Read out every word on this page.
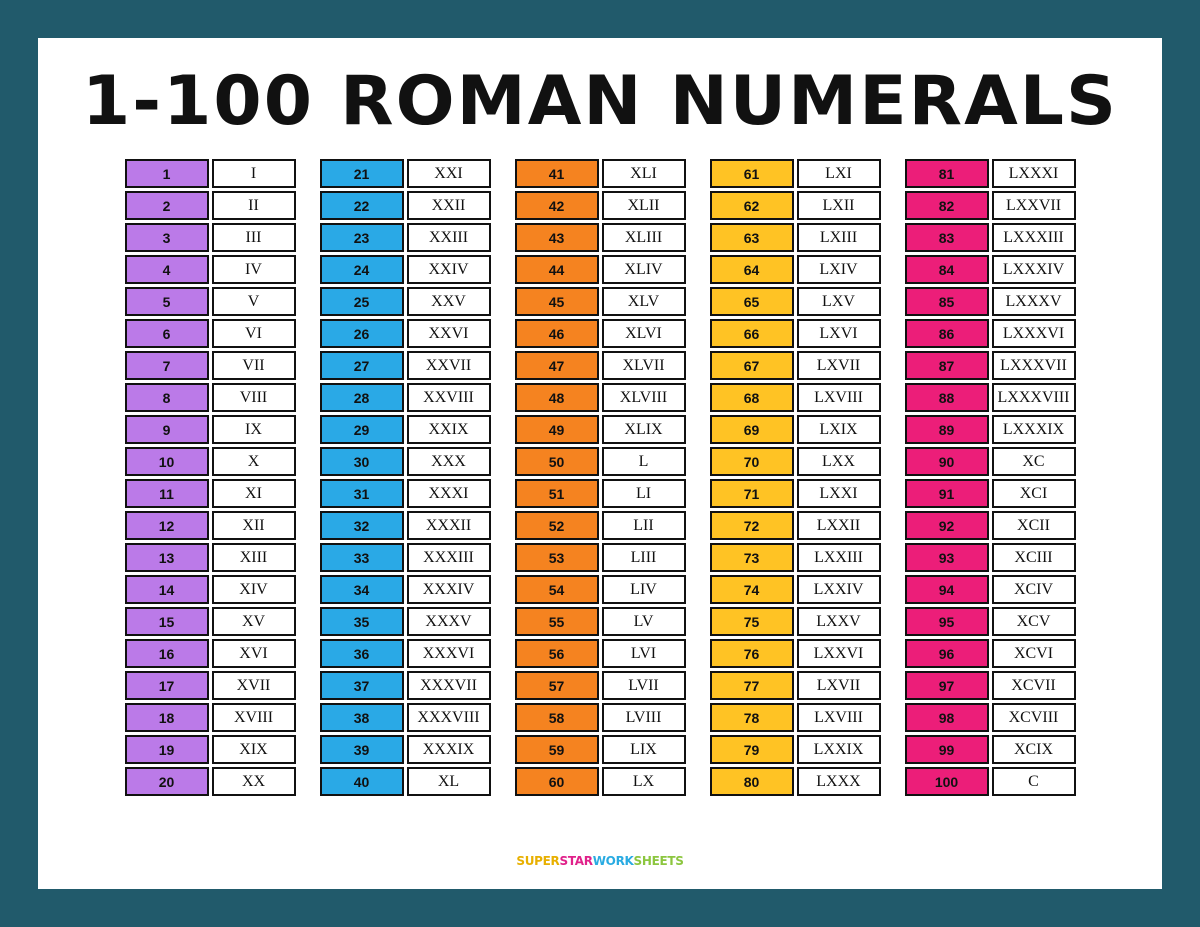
1-100 ROMAN NUMERALS
1	I
2	II
3	III
4	IV
5	V
6	VI
7	VII
8	VIII
9	IX
10	X
11	XI
12	XII
13	XIII
14	XIV
15	XV
16	XVI
17	XVII
18	XVIII
19	XIX
20	XX
21	XXI
22	XXII
23	XXIII
24	XXIV
25	XXV
26	XXVI
27	XXVII
28	XXVIII
29	XXIX
30	XXX
31	XXXI
32	XXXII
33	XXXIII
34	XXXIV
35	XXXV
36	XXXVI
37	XXXVII
38	XXXVIII
39	XXXIX
40	XL
41	XLI
42	XLII
43	XLIII
44	XLIV
45	XLV
46	XLVI
47	XLVII
48	XLVIII
49	XLIX
50	L
51	LI
52	LII
53	LIII
54	LIV
55	LV
56	LVI
57	LVII
58	LVIII
59	LIX
60	LX
61	LXI
62	LXII
63	LXIII
64	LXIV
65	LXV
66	LXVI
67	LXVII
68	LXVIII
69	LXIX
70	LXX
71	LXXI
72	LXXII
73	LXXIII
74	LXXIV
75	LXXV
76	LXXVI
77	LXVII
78	LXVIII
79	LXXIX
80	LXXX
81	LXXXI
82	LXXVII
83	LXXXIII
84	LXXXIV
85	LXXXV
86	LXXXVI
87	LXXXVII
88	LXXXVIII
89	LXXXIX
90	XC
91	XCI
92	XCII
93	XCIII
94	XCIV
95	XCV
96	XCVI
97	XCVII
98	XCVIII
99	XCIX
100	C
SUPERSTARWORKSHEETS
